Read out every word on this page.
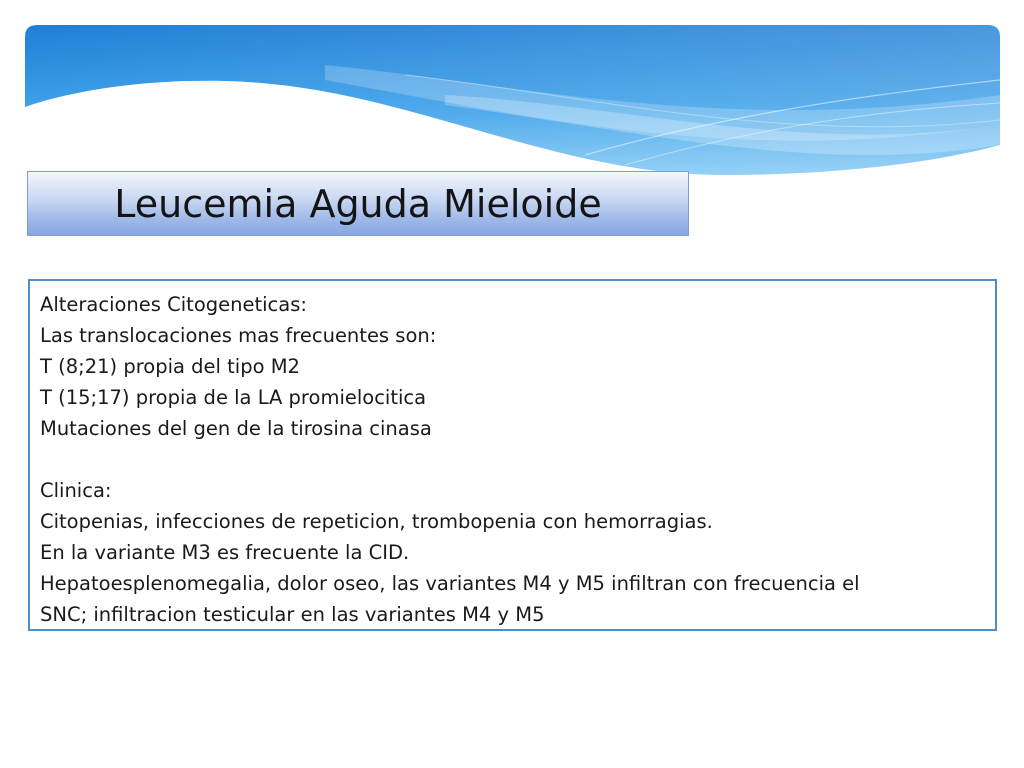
Leucemia Aguda Mieloide
Alteraciones Citogeneticas:
Las translocaciones mas frecuentes son:
T (8;21) propia del tipo M2
T (15;17) propia de la LA promielocitica
Mutaciones del gen de la tirosina cinasa
Clinica:
Citopenias, infecciones de repeticion, trombopenia con hemorragias.
En la variante M3 es frecuente la CID.
Hepatoesplenomegalia, dolor oseo, las variantes M4 y M5 infiltran con frecuencia el
SNC; infiltracion testicular en las variantes M4 y M5
